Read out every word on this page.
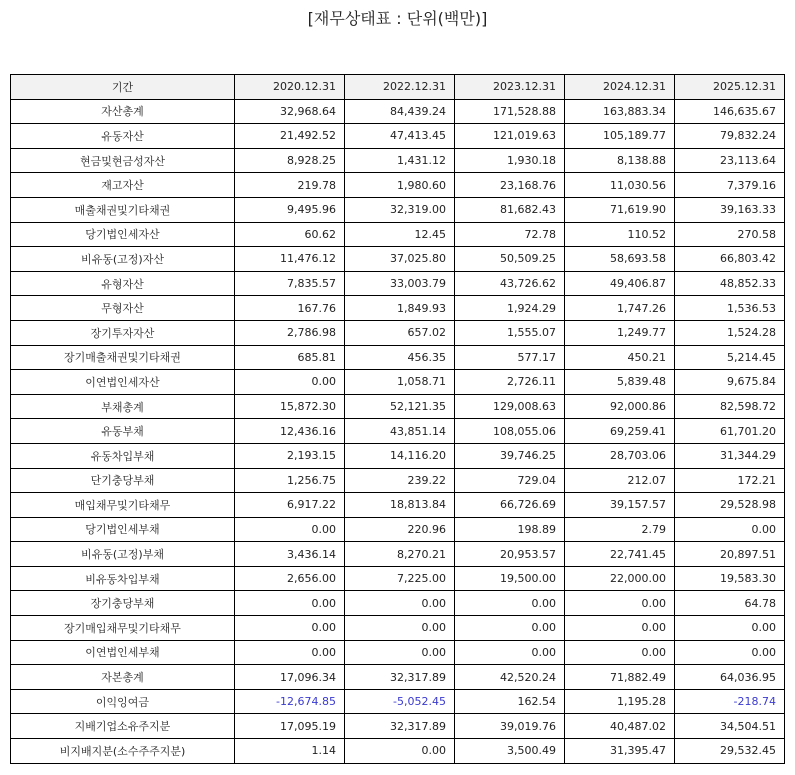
[재무상태표 : 단위(백만)]
기간	2020.12.31	2022.12.31	2023.12.31	2024.12.31	2025.12.31
자산총계	32,968.64	84,439.24	171,528.88	163,883.34	146,635.67
유동자산	21,492.52	47,413.45	121,019.63	105,189.77	79,832.24
현금및현금성자산	8,928.25	1,431.12	1,930.18	8,138.88	23,113.64
재고자산	219.78	1,980.60	23,168.76	11,030.56	7,379.16
매출채권및기타채권	9,495.96	32,319.00	81,682.43	71,619.90	39,163.33
당기법인세자산	60.62	12.45	72.78	110.52	270.58
비유동(고정)자산	11,476.12	37,025.80	50,509.25	58,693.58	66,803.42
유형자산	7,835.57	33,003.79	43,726.62	49,406.87	48,852.33
무형자산	167.76	1,849.93	1,924.29	1,747.26	1,536.53
장기투자자산	2,786.98	657.02	1,555.07	1,249.77	1,524.28
장기매출채권및기타채권	685.81	456.35	577.17	450.21	5,214.45
이연법인세자산	0.00	1,058.71	2,726.11	5,839.48	9,675.84
부채총계	15,872.30	52,121.35	129,008.63	92,000.86	82,598.72
유동부채	12,436.16	43,851.14	108,055.06	69,259.41	61,701.20
유동차입부채	2,193.15	14,116.20	39,746.25	28,703.06	31,344.29
단기충당부채	1,256.75	239.22	729.04	212.07	172.21
매입채무및기타채무	6,917.22	18,813.84	66,726.69	39,157.57	29,528.98
당기법인세부채	0.00	220.96	198.89	2.79	0.00
비유동(고정)부채	3,436.14	8,270.21	20,953.57	22,741.45	20,897.51
비유동차입부채	2,656.00	7,225.00	19,500.00	22,000.00	19,583.30
장기충당부채	0.00	0.00	0.00	0.00	64.78
장기매입채무및기타채무	0.00	0.00	0.00	0.00	0.00
이연법인세부채	0.00	0.00	0.00	0.00	0.00
자본총계	17,096.34	32,317.89	42,520.24	71,882.49	64,036.95
이익잉여금	-12,674.85	-5,052.45	162.54	1,195.28	-218.74
지배기업소유주지분	17,095.19	32,317.89	39,019.76	40,487.02	34,504.51
비지배지분(소수주주지분)	1.14	0.00	3,500.49	31,395.47	29,532.45
